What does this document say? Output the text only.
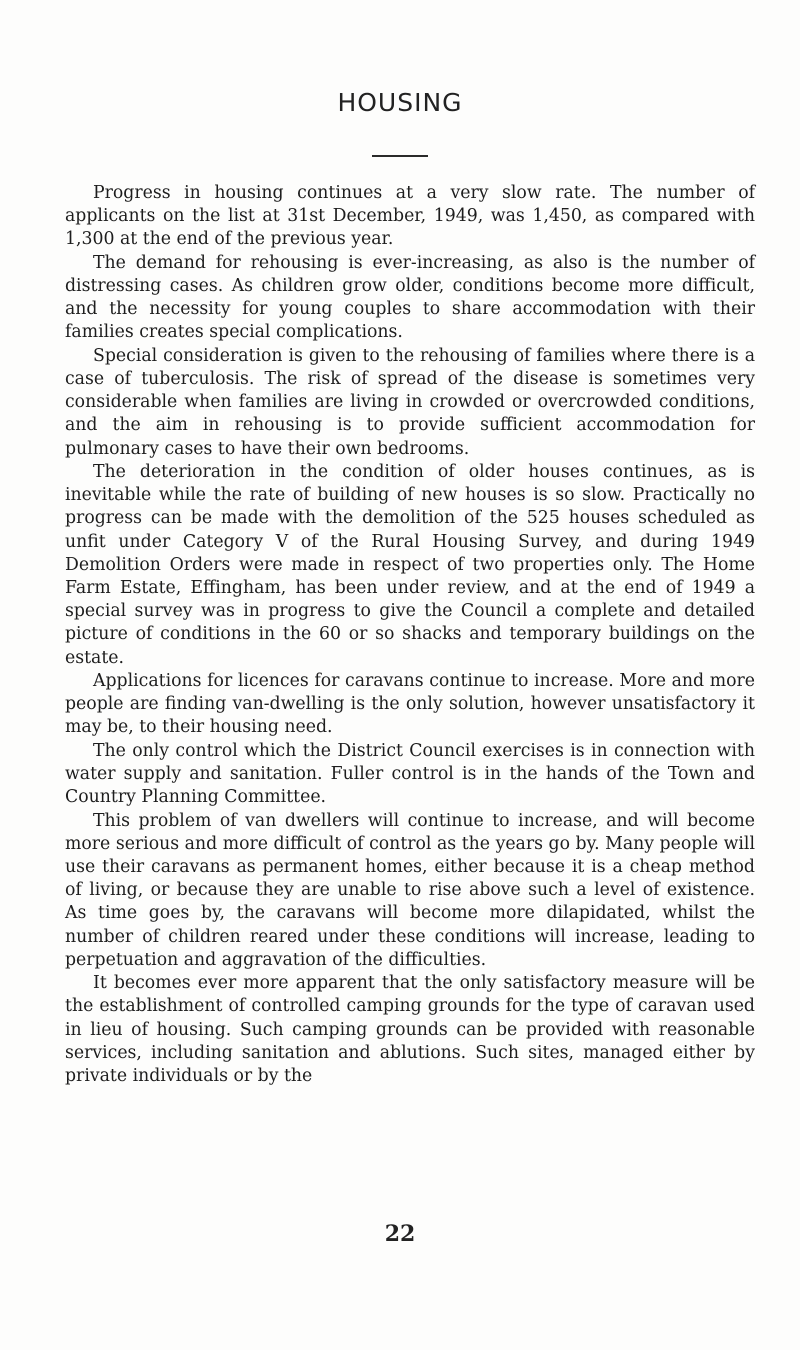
HOUSING

Progress in housing continues at a very slow rate. The number of applicants on the list at 31st December, 1949, was 1,450, as compared with 1,300 at the end of the previous year.

The demand for rehousing is ever-increasing, as also is the number of distressing cases. As children grow older, conditions become more difficult, and the necessity for young couples to share accommodation with their families creates special complications.

Special consideration is given to the rehousing of families where there is a case of tuberculosis. The risk of spread of the disease is sometimes very considerable when families are living in crowded or overcrowded conditions, and the aim in rehousing is to provide sufficient accommodation for pulmonary cases to have their own bedrooms.

The deterioration in the condition of older houses continues, as is inevitable while the rate of building of new houses is so slow. Practically no progress can be made with the demolition of the 525 houses scheduled as unfit under Category V of the Rural Housing Survey, and during 1949 Demolition Orders were made in respect of two properties only. The Home Farm Estate, Effingham, has been under review, and at the end of 1949 a special survey was in progress to give the Council a complete and detailed picture of conditions in the 60 or so shacks and temporary buildings on the estate.

Applications for licences for caravans continue to increase. More and more people are finding van-dwelling is the only solution, however unsatisfactory it may be, to their housing need.

The only control which the District Council exercises is in connection with water supply and sanitation. Fuller control is in the hands of the Town and Country Planning Committee.

This problem of van dwellers will continue to increase, and will become more serious and more difficult of control as the years go by. Many people will use their caravans as permanent homes, either because it is a cheap method of living, or because they are unable to rise above such a level of existence. As time goes by, the caravans will become more dilapidated, whilst the number of children reared under these conditions will increase, leading to perpetuation and aggravation of the difficulties.

It becomes ever more apparent that the only satisfactory measure will be the establishment of controlled camping grounds for the type of caravan used in lieu of housing. Such camping grounds can be provided with reasonable services, including sanitation and ablutions. Such sites, managed either by private individuals or by the

22
